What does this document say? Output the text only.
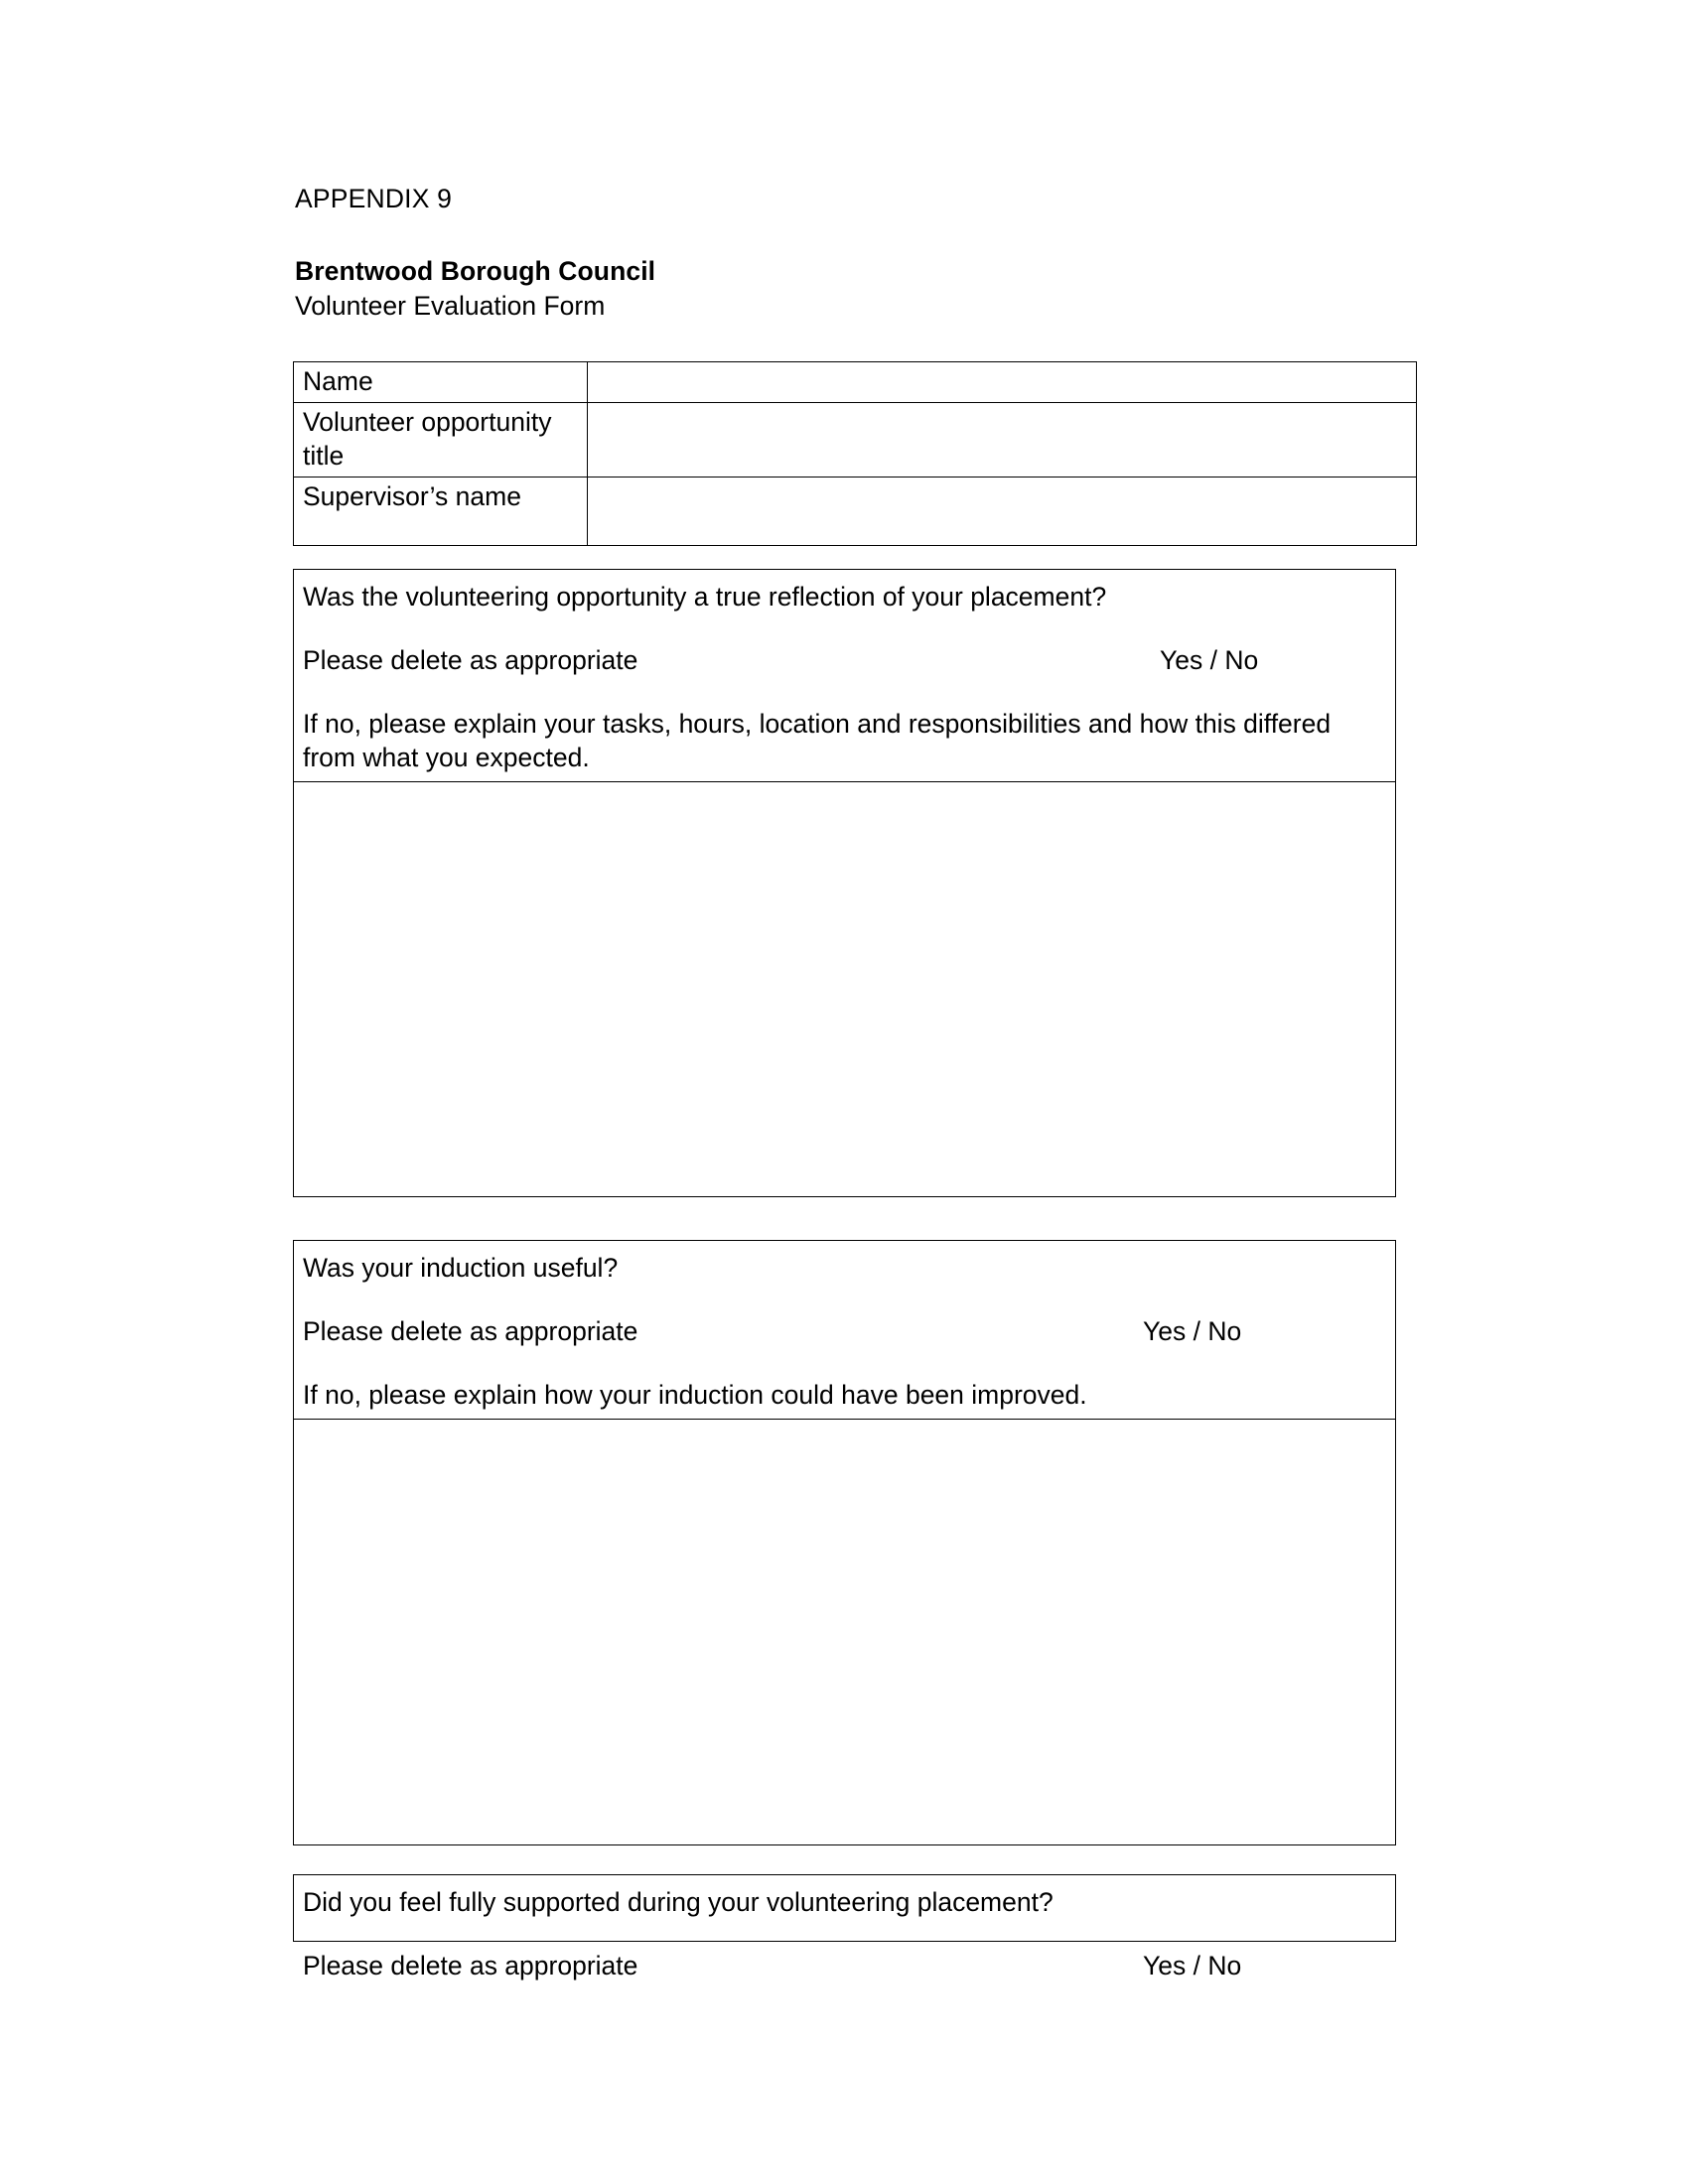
APPENDIX 9
Brentwood Borough Council
Volunteer Evaluation Form
Name	
Volunteer opportunity title	
Supervisor’s name	
Was the volunteering opportunity a true reflection of your placement?
Please delete as appropriate	Yes / No
If no, please explain your tasks, hours, location and responsibilities and how this differed from what you expected.
Was your induction useful?
Please delete as appropriate	Yes / No
If no, please explain how your induction could have been improved.
Did you feel fully supported during your volunteering placement?
Please delete as appropriate	Yes / No
